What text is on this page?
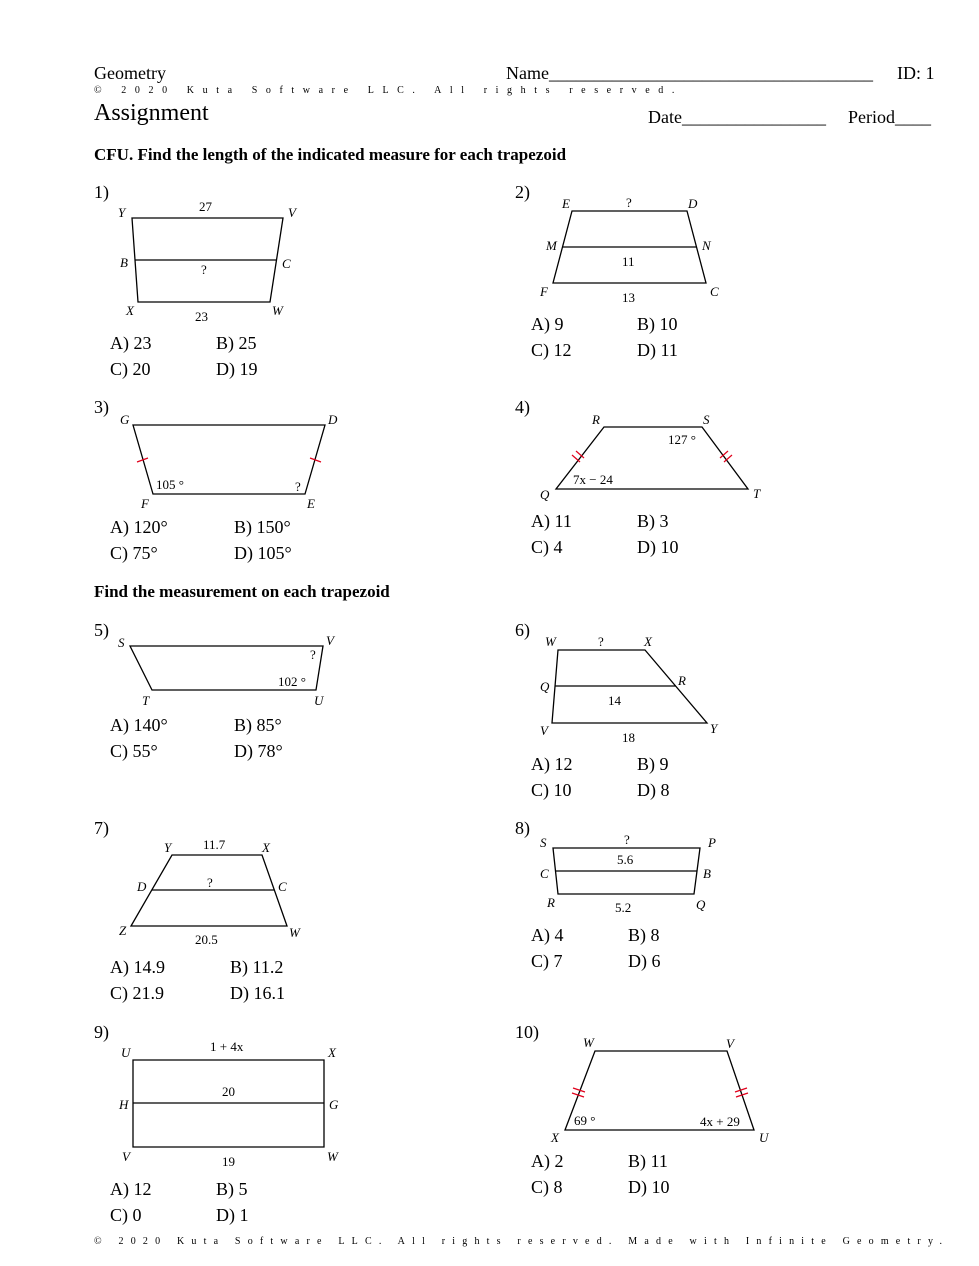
Geometry	Name____________________________________ ID: 1
© 2020 Kuta Software LLC. All rights reserved.
Assignment	Date________________ Period____
CFU. Find the length of the indicated measure for each trapezoid
1)
Y	V
B	C
X	W
27
?
23
A) 23	B) 25
C) 20	D) 19
2)
E	D
M	N
F	C
?
11
13
A) 9	B) 10
C) 12	D) 11
3)
G	D
F	E
105 °	?
A) 120°	B) 150°
C) 75°	D) 105°
4)
R	S
Q	T
127 °
7x − 24
A) 11	B) 3
C) 4	D) 10
Find the measurement on each trapezoid
5)
S	V
T	U
?
102 °
A) 140°	B) 85°
C) 55°	D) 78°
6)
W	X
Q	R
V	Y
?
14
18
A) 12	B) 9
C) 10	D) 8
7)
Y	X
D	C
Z	W
11.7
?
20.5
A) 14.9	B) 11.2
C) 21.9	D) 16.1
8)
S	P
C	B
R	Q
?
5.6
5.2
A) 4	B) 8
C) 7	D) 6
9)
U	X
H	G
V	W
1 + 4x
20
19
A) 12	B) 5
C) 0	D) 1
10)
W	V
X	U
69 °	4x + 29
A) 2	B) 11
C) 8	D) 10
© 2020 Kuta Software LLC. All rights reserved. Made with Infinite Geometry.
